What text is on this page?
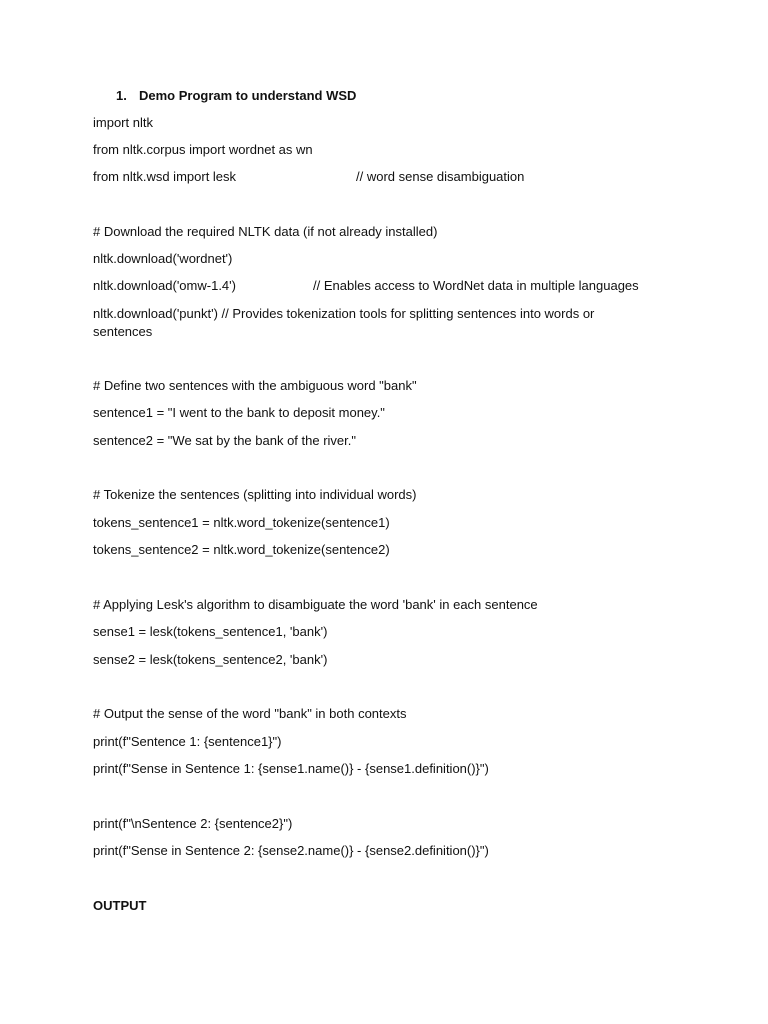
1. Demo Program to understand WSD
import nltk
from nltk.corpus import wordnet as wn
from nltk.wsd import lesk	// word sense disambiguation
# Download the required NLTK data (if not already installed)
nltk.download('wordnet')
nltk.download('omw-1.4')	// Enables access to WordNet data in multiple languages
nltk.download('punkt') // Provides tokenization tools for splitting sentences into words or sentences
# Define two sentences with the ambiguous word "bank"
sentence1 = "I went to the bank to deposit money."
sentence2 = "We sat by the bank of the river."
# Tokenize the sentences (splitting into individual words)
tokens_sentence1 = nltk.word_tokenize(sentence1)
tokens_sentence2 = nltk.word_tokenize(sentence2)
# Applying Lesk's algorithm to disambiguate the word 'bank' in each sentence
sense1 = lesk(tokens_sentence1, 'bank')
sense2 = lesk(tokens_sentence2, 'bank')
# Output the sense of the word "bank" in both contexts
print(f"Sentence 1: {sentence1}")
print(f"Sense in Sentence 1: {sense1.name()} - {sense1.definition()}")
print(f"\nSentence 2: {sentence2}")
print(f"Sense in Sentence 2: {sense2.name()} - {sense2.definition()}")
OUTPUT
